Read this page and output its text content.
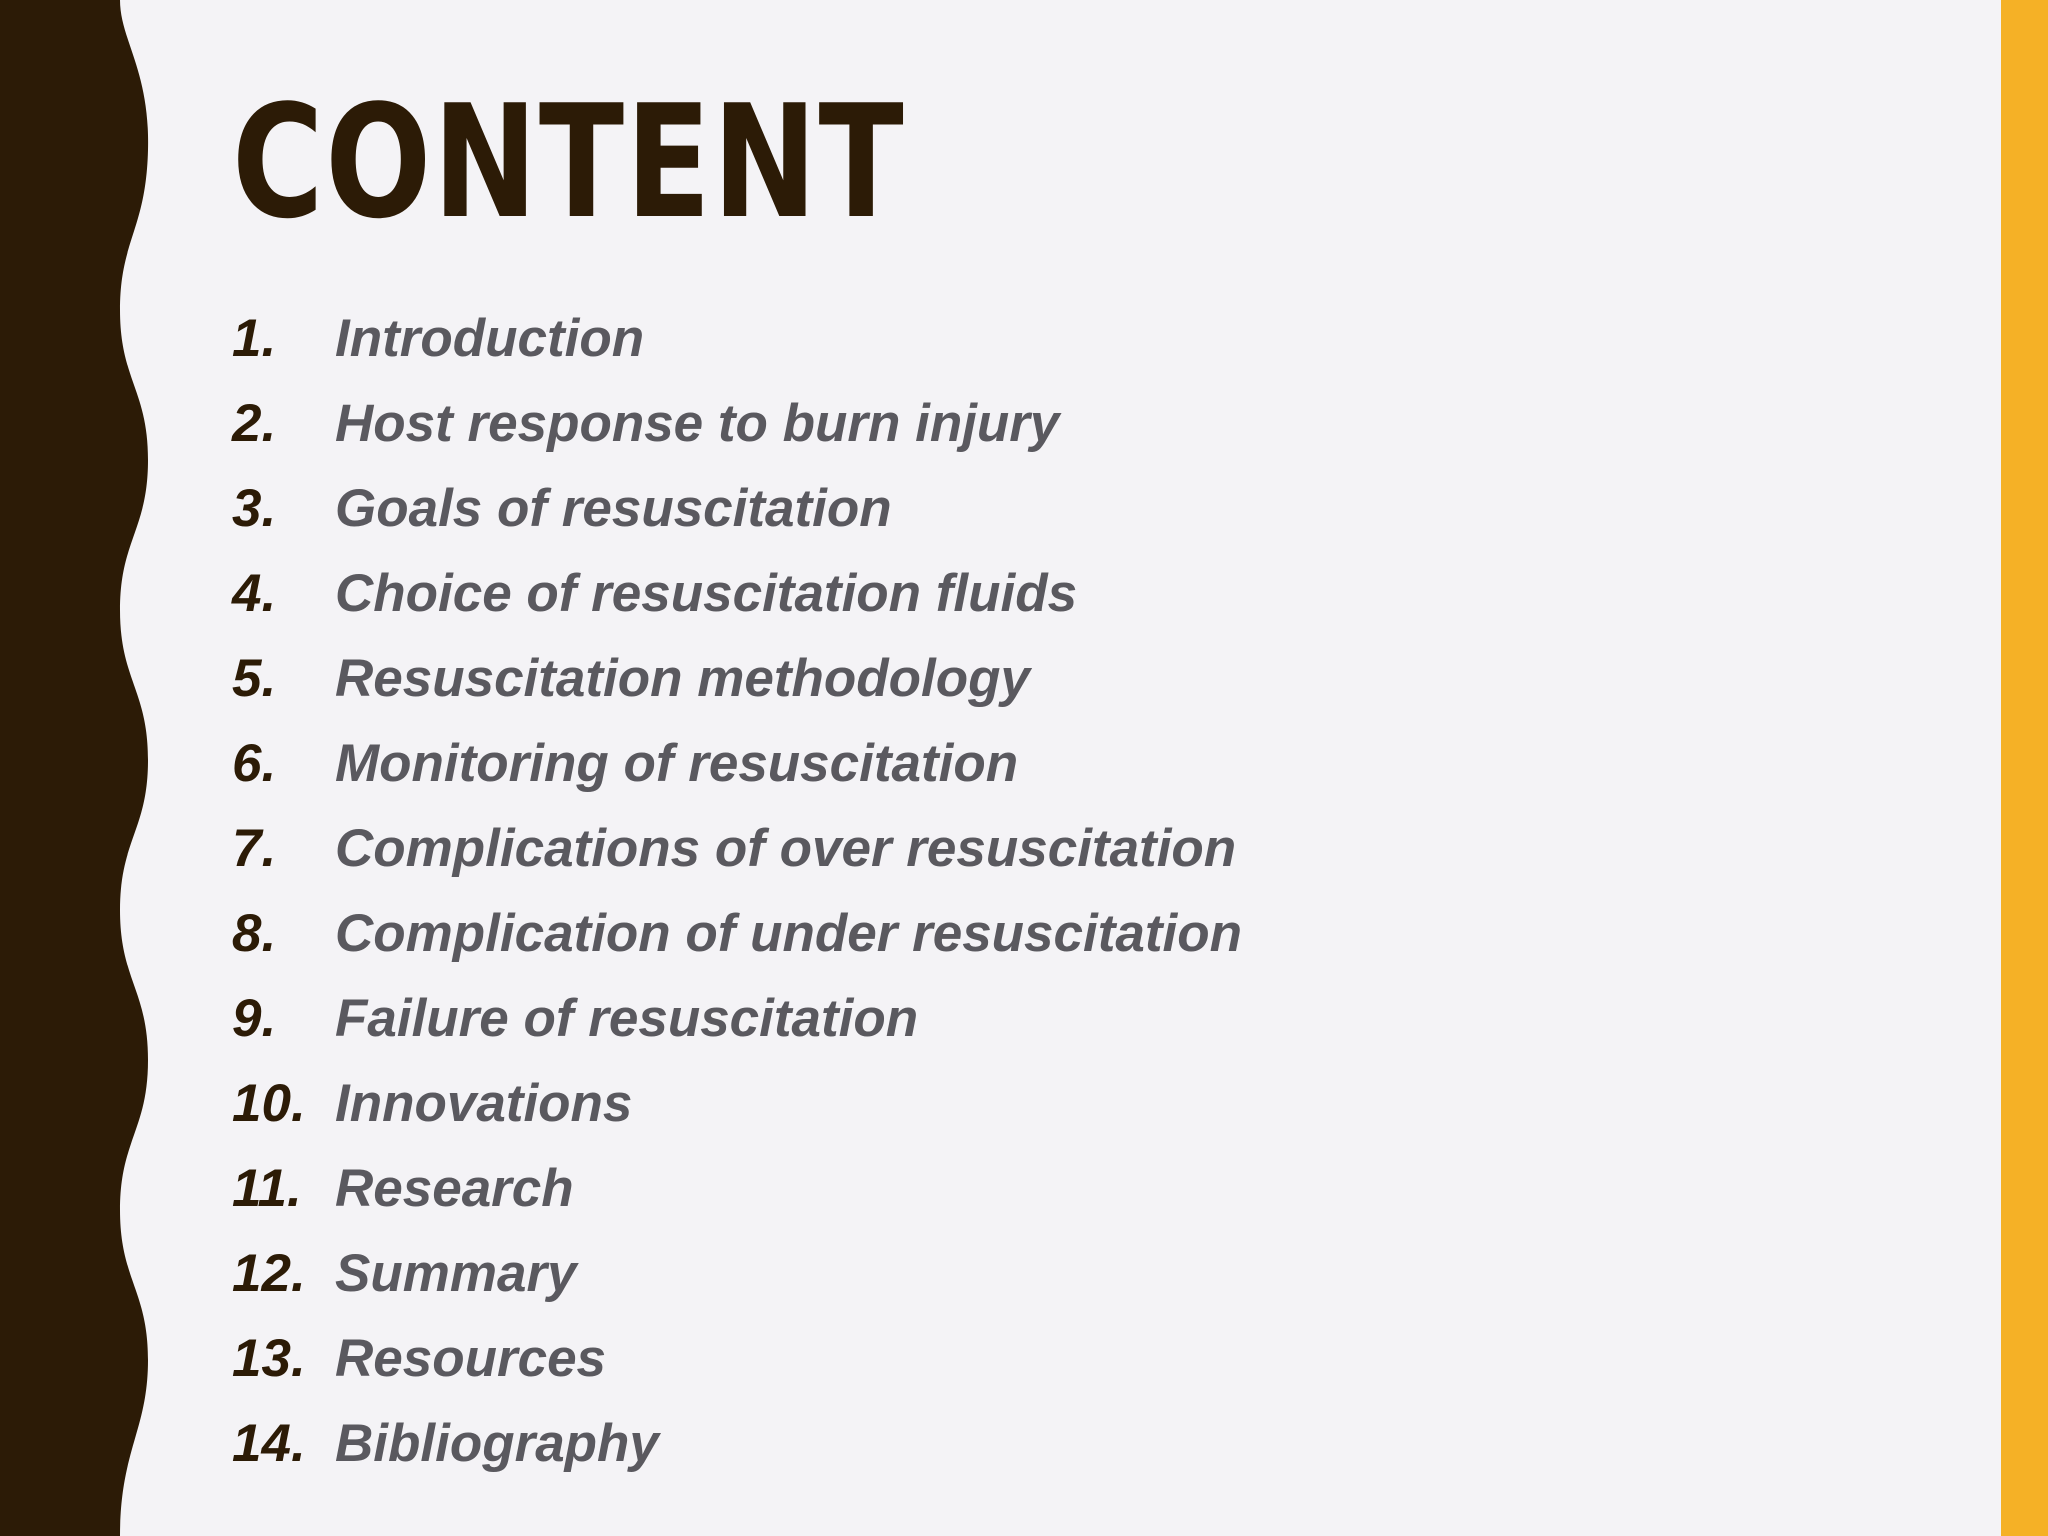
CONTENT
1.	Introduction
2.	Host response to burn injury
3.	Goals of resuscitation
4.	Choice of resuscitation fluids
5.	Resuscitation methodology
6.	Monitoring of resuscitation
7.	Complications of over resuscitation
8.	Complication of under resuscitation
9.	Failure of resuscitation
10. Innovations
11. Research
12. Summary
13. Resources
14. Bibliography
